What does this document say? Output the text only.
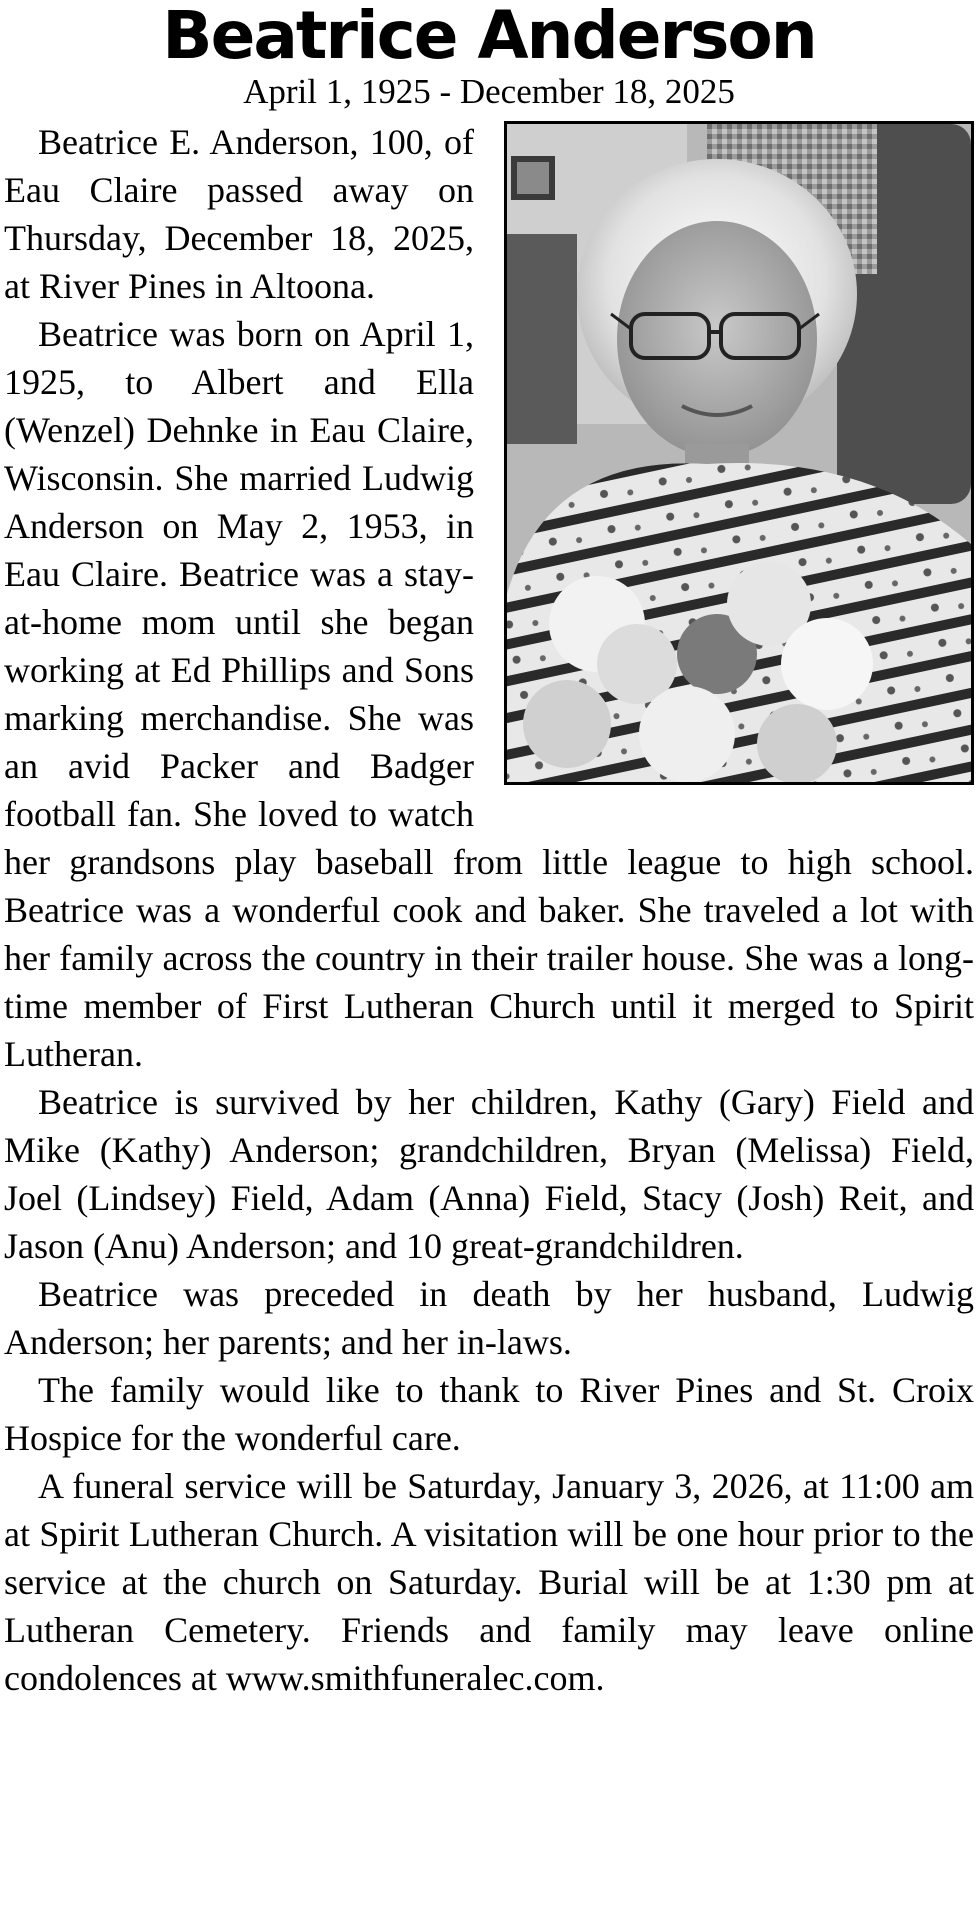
Beatrice Anderson
April 1, 1925 - December 18, 2025

Beatrice E. Anderson, 100, of Eau Claire passed away on Thursday, December 18, 2025, at River Pines in Altoona.

Beatrice was born on April 1, 1925, to Albert and Ella (Wenzel) Dehnke in Eau Claire, Wisconsin. She married Ludwig Anderson on May 2, 1953, in Eau Claire. Beatrice was a stay-at-home mom until she began working at Ed Phillips and Sons marking merchandise. She was an avid Packer and Badger football fan. She loved to watch her grandsons play baseball from little league to high school. Beatrice was a wonderful cook and baker. She traveled a lot with her family across the country in their trailer house. She was a long-time member of First Lutheran Church until it merged to Spirit Lutheran.

Beatrice is survived by her children, Kathy (Gary) Field and Mike (Kathy) Anderson; grandchildren, Bryan (Melissa) Field, Joel (Lindsey) Field, Adam (Anna) Field, Stacy (Josh) Reit, and Jason (Anu) Anderson; and 10 great-grandchildren.

Beatrice was preceded in death by her husband, Ludwig Anderson; her parents; and her in-laws.

The family would like to thank to River Pines and St. Croix Hospice for the wonderful care.

A funeral service will be Saturday, January 3, 2026, at 11:00 am at Spirit Lutheran Church. A visitation will be one hour prior to the service at the church on Saturday. Burial will be at 1:30 pm at Lutheran Cemetery. Friends and family may leave online condolences at www.smithfuneralec.com.
